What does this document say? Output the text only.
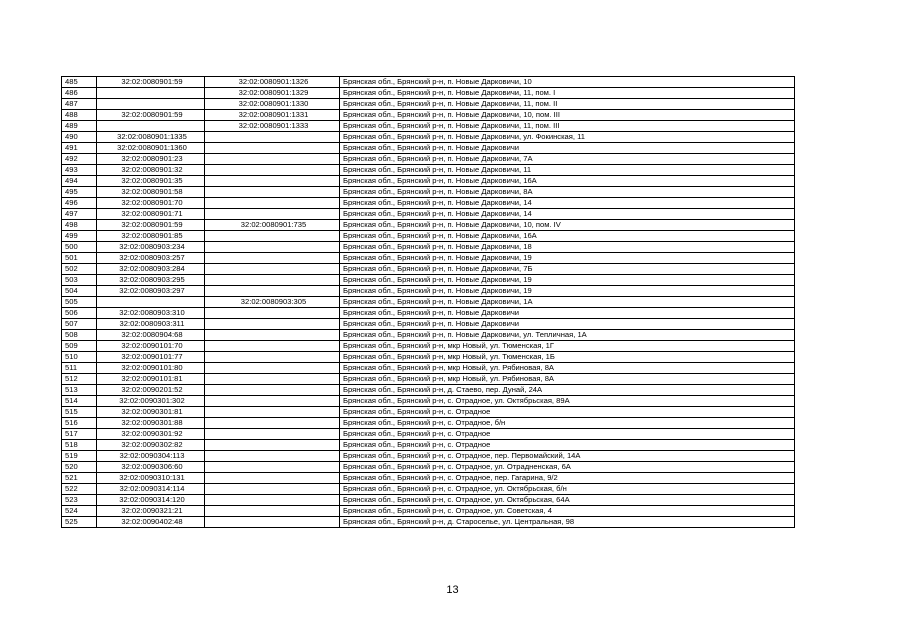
485	32:02:0080901:59	32:02:0080901:1326	Брянская обл., Брянский р-н, п. Новые Дарковичи, 10
486		32:02:0080901:1329	Брянская обл., Брянский р-н, п. Новые Дарковичи, 11, пом. I
487		32:02:0080901:1330	Брянская обл., Брянский р-н, п. Новые Дарковичи, 11, пом. II
488	32:02:0080901:59	32:02:0080901:1331	Брянская обл., Брянский р-н, п. Новые Дарковичи, 10, пом. III
489		32:02:0080901:1333	Брянская обл., Брянский р-н, п. Новые Дарковичи, 11, пом. III
490	32:02:0080901:1335		Брянская обл., Брянский р-н, п. Новые Дарковичи, ул. Фокинская, 11
491	32:02:0080901:1360		Брянская обл., Брянский р-н, п. Новые Дарковичи
492	32:02:0080901:23		Брянская обл., Брянский р-н, п. Новые Дарковичи, 7А
493	32:02:0080901:32		Брянская обл., Брянский р-н, п. Новые Дарковичи, 11
494	32:02:0080901:35		Брянская обл., Брянский р-н, п. Новые Дарковичи, 16А
495	32:02:0080901:58		Брянская обл., Брянский р-н, п. Новые Дарковичи, 8А
496	32:02:0080901:70		Брянская обл., Брянский р-н, п. Новые Дарковичи, 14
497	32:02:0080901:71		Брянская обл., Брянский р-н, п. Новые Дарковичи, 14
498	32:02:0080901:59	32:02:0080901:735	Брянская обл., Брянский р-н, п. Новые Дарковичи, 10, пом. IV
499	32:02:0080901:85		Брянская обл., Брянский р-н, п. Новые Дарковичи, 16А
500	32:02:0080903:234		Брянская обл., Брянский р-н, п. Новые Дарковичи, 18
501	32:02:0080903:257		Брянская обл., Брянский р-н, п. Новые Дарковичи, 19
502	32:02:0080903:284		Брянская обл., Брянский р-н, п. Новые Дарковичи, 7Б
503	32:02:0080903:295		Брянская обл., Брянский р-н, п. Новые Дарковичи, 19
504	32:02:0080903:297		Брянская обл., Брянский р-н, п. Новые Дарковичи, 19
505		32:02:0080903:305	Брянская обл., Брянский р-н, п. Новые Дарковичи, 1А
506	32:02:0080903:310		Брянская обл., Брянский р-н, п. Новые Дарковичи
507	32:02:0080903:311		Брянская обл., Брянский р-н, п. Новые Дарковичи
508	32:02:0080904:68		Брянская обл., Брянский р-н, п. Новые Дарковичи, ул. Тепличная, 1А
509	32:02:0090101:70		Брянская обл., Брянский р-н, мкр Новый, ул. Тюменская, 1Г
510	32:02:0090101:77		Брянская обл., Брянский р-н, мкр Новый, ул. Тюменская, 1Б
511	32:02:0090101:80		Брянская обл., Брянский р-н, мкр Новый, ул. Рябиновая, 8А
512	32:02:0090101:81		Брянская обл., Брянский р-н, мкр Новый, ул. Рябиновая, 8А
513	32:02:0090201:52		Брянская обл., Брянский р-н, д. Стаево, пер. Дунай, 24А
514	32:02:0090301:302		Брянская обл., Брянский р-н, с. Отрадное, ул. Октябрьская, 89А
515	32:02:0090301:81		Брянская обл., Брянский р-н, с. Отрадное
516	32:02:0090301:88		Брянская обл., Брянский р-н, с. Отрадное, б/н
517	32:02:0090301:92		Брянская обл., Брянский р-н, с. Отрадное
518	32:02:0090302:82		Брянская обл., Брянский р-н, с. Отрадное
519	32:02:0090304:113		Брянская обл., Брянский р-н, с. Отрадное, пер. Первомайский, 14А
520	32:02:0090306:60		Брянская обл., Брянский р-н, с. Отрадное, ул. Отрадненская, 6А
521	32:02:0090310:131		Брянская обл., Брянский р-н, с. Отрадное, пер. Гагарина, 9/2
522	32:02:0090314:114		Брянская обл., Брянский р-н, с. Отрадное, ул. Октябрьская, б/н
523	32:02:0090314:120		Брянская обл., Брянский р-н, с. Отрадное, ул. Октябрьская, 64А
524	32:02:0090321:21		Брянская обл., Брянский р-н, с. Отрадное, ул. Советская, 4
525	32:02:0090402:48		Брянская обл., Брянский р-н, д. Староселье, ул. Центральная, 98
13
